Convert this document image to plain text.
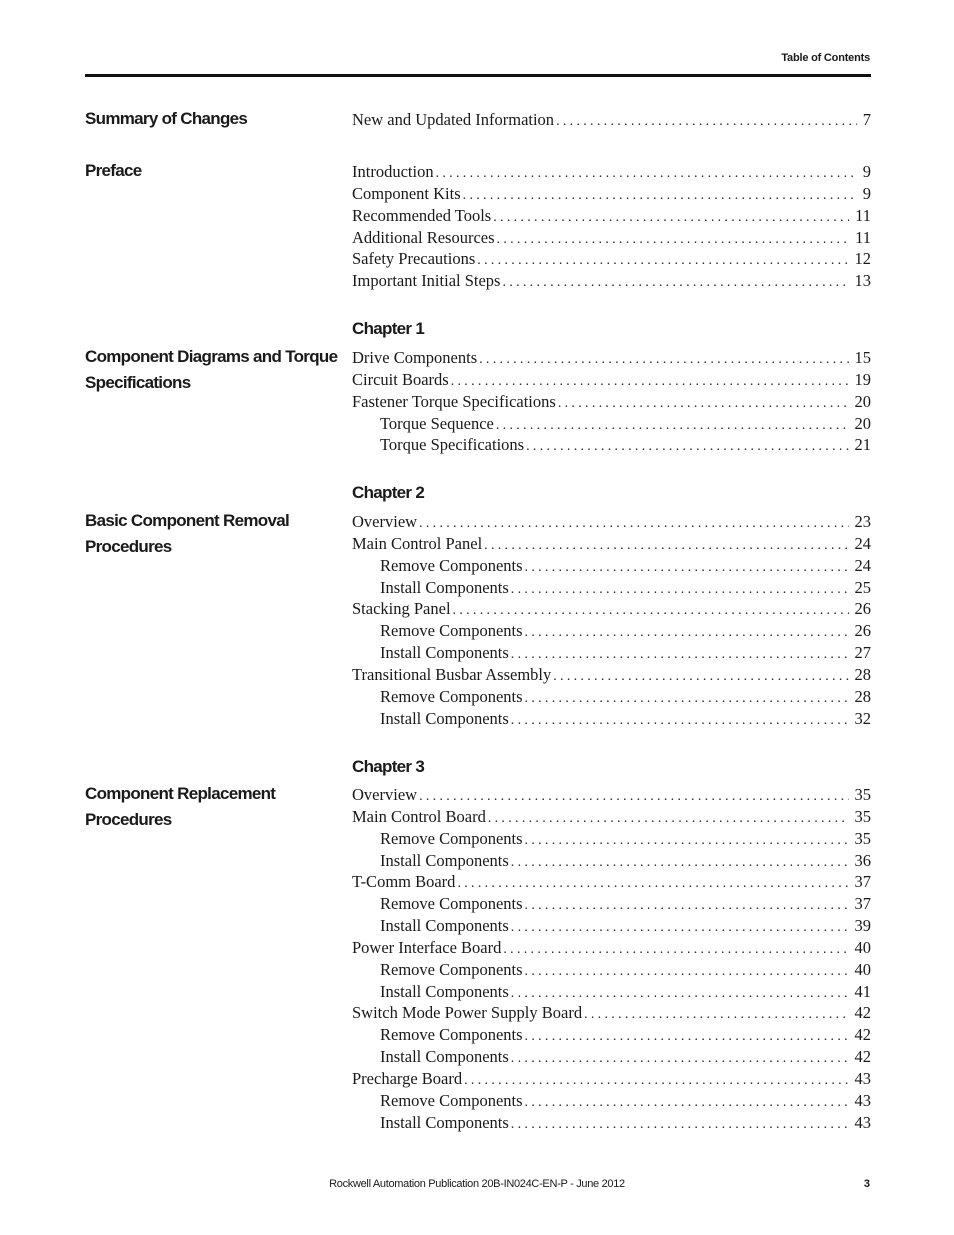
Table of Contents
Summary of Changes	New and Updated Information .....	7
Preface	Introduction .....	9
Component Kits .....	9
Recommended Tools .....	11
Additional Resources .....	11
Safety Precautions .....	12
Important Initial Steps .....	13
Chapter 1
Component Diagrams and Torque Specifications
Drive Components .....	15
Circuit Boards .....	19
Fastener Torque Specifications .....	20
Torque Sequence .....	20
Torque Specifications .....	21
Chapter 2
Basic Component Removal Procedures
Overview .....	23
Main Control Panel .....	24
Remove Components .....	24
Install Components .....	25
Stacking Panel .....	26
Remove Components .....	26
Install Components .....	27
Transitional Busbar Assembly .....	28
Remove Components .....	28
Install Components .....	32
Chapter 3
Component Replacement Procedures
Overview .....	35
Main Control Board .....	35
Remove Components .....	35
Install Components .....	36
T-Comm Board .....	37
Remove Components .....	37
Install Components .....	39
Power Interface Board .....	40
Remove Components .....	40
Install Components .....	41
Switch Mode Power Supply Board .....	42
Remove Components .....	42
Install Components .....	42
Precharge Board .....	43
Remove Components .....	43
Install Components .....	43
Rockwell Automation Publication 20B-IN024C-EN-P - June 2012	3
